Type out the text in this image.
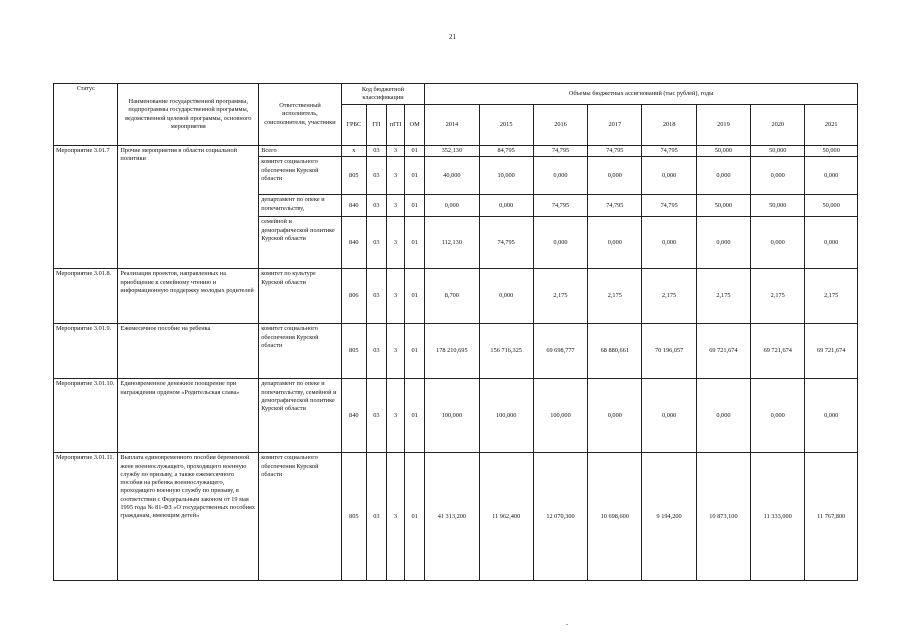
21
Статус	Наименование государственной программы, подпрограммы государственной программы, ведомственной целевой программы, основного мероприятия	Ответственный исполнитель, соисполнители, участники	Код бюджетной классификации				Объемы бюджетных ассигнований (тыс рублей), годы							
			ГРБС	ГП	пГП	ОМ	2014	2015	2016	2017	2018	2019	2020	2021
Мероприятие 3.01.7	Прочие мероприятия в области социальной политики	Всего	x	03	3	01	352,130	84,795	74,795	74,795	74,795	50,000	50,000	50,000
		комитет социального обеспечения Курской области	805	03	3	01	40,000	10,000	0,000	0,000	0,000	0,000	0,000	0,000
		департамент по опеке и попечительству,	840	03	3	01	0,000	0,000	74,795	74,795	74,795	50,000	50,000	50,000
		семейной и демографической политике Курской области	840	03	3	01	112,130	74,795	0,000	0,000	0,000	0,000	0,000	0,000
Мероприятие 3.01.8.	Реализация проектов, направленных на приобщение к семейному чтению и информационную поддержку молодых родителей	комитет по культуре Курской области	806	03	3	01	8,700	0,000	2,175	2,175	2,175	2,175	2,175	2,175
Мероприятие 3.01.9.	Ежемесячное пособие на ребенка	комитет социального обеспечения Курской области	805	03	3	01	178 210,695	156 716,325	69 698,777	68 880,661	70 196,057	69 721,674	69 721,674	69 721,674
Мероприятие 3.01.10.	Единовременное денежное поощрение при награждении орденом «Родительская слава»	департамент по опеке и попечительству, семейной и демографической политике Курской области	840	03	3	01	100,000	100,000	100,000	0,000	0,000	0,000	0,000	0,000
Мероприятие 3.01.11.	Выплата единовременного пособия беременной жене военнослужащего, проходящего военную службу по призыву, а также ежемесячного пособия на ребенка военнослужащего, проходящего военную службу по призыву, в соответствии с Федеральным законом от 19 мая 1995 года № 81-ФЗ «О государственных пособиях гражданам, имеющим детей»	комитет социального обеспечения Курской области	805	03	3	01	41 313,200	11 962,400	12 070,300	10 698,600	9 194,200	10 873,100	11 333,000	11 767,800
-
